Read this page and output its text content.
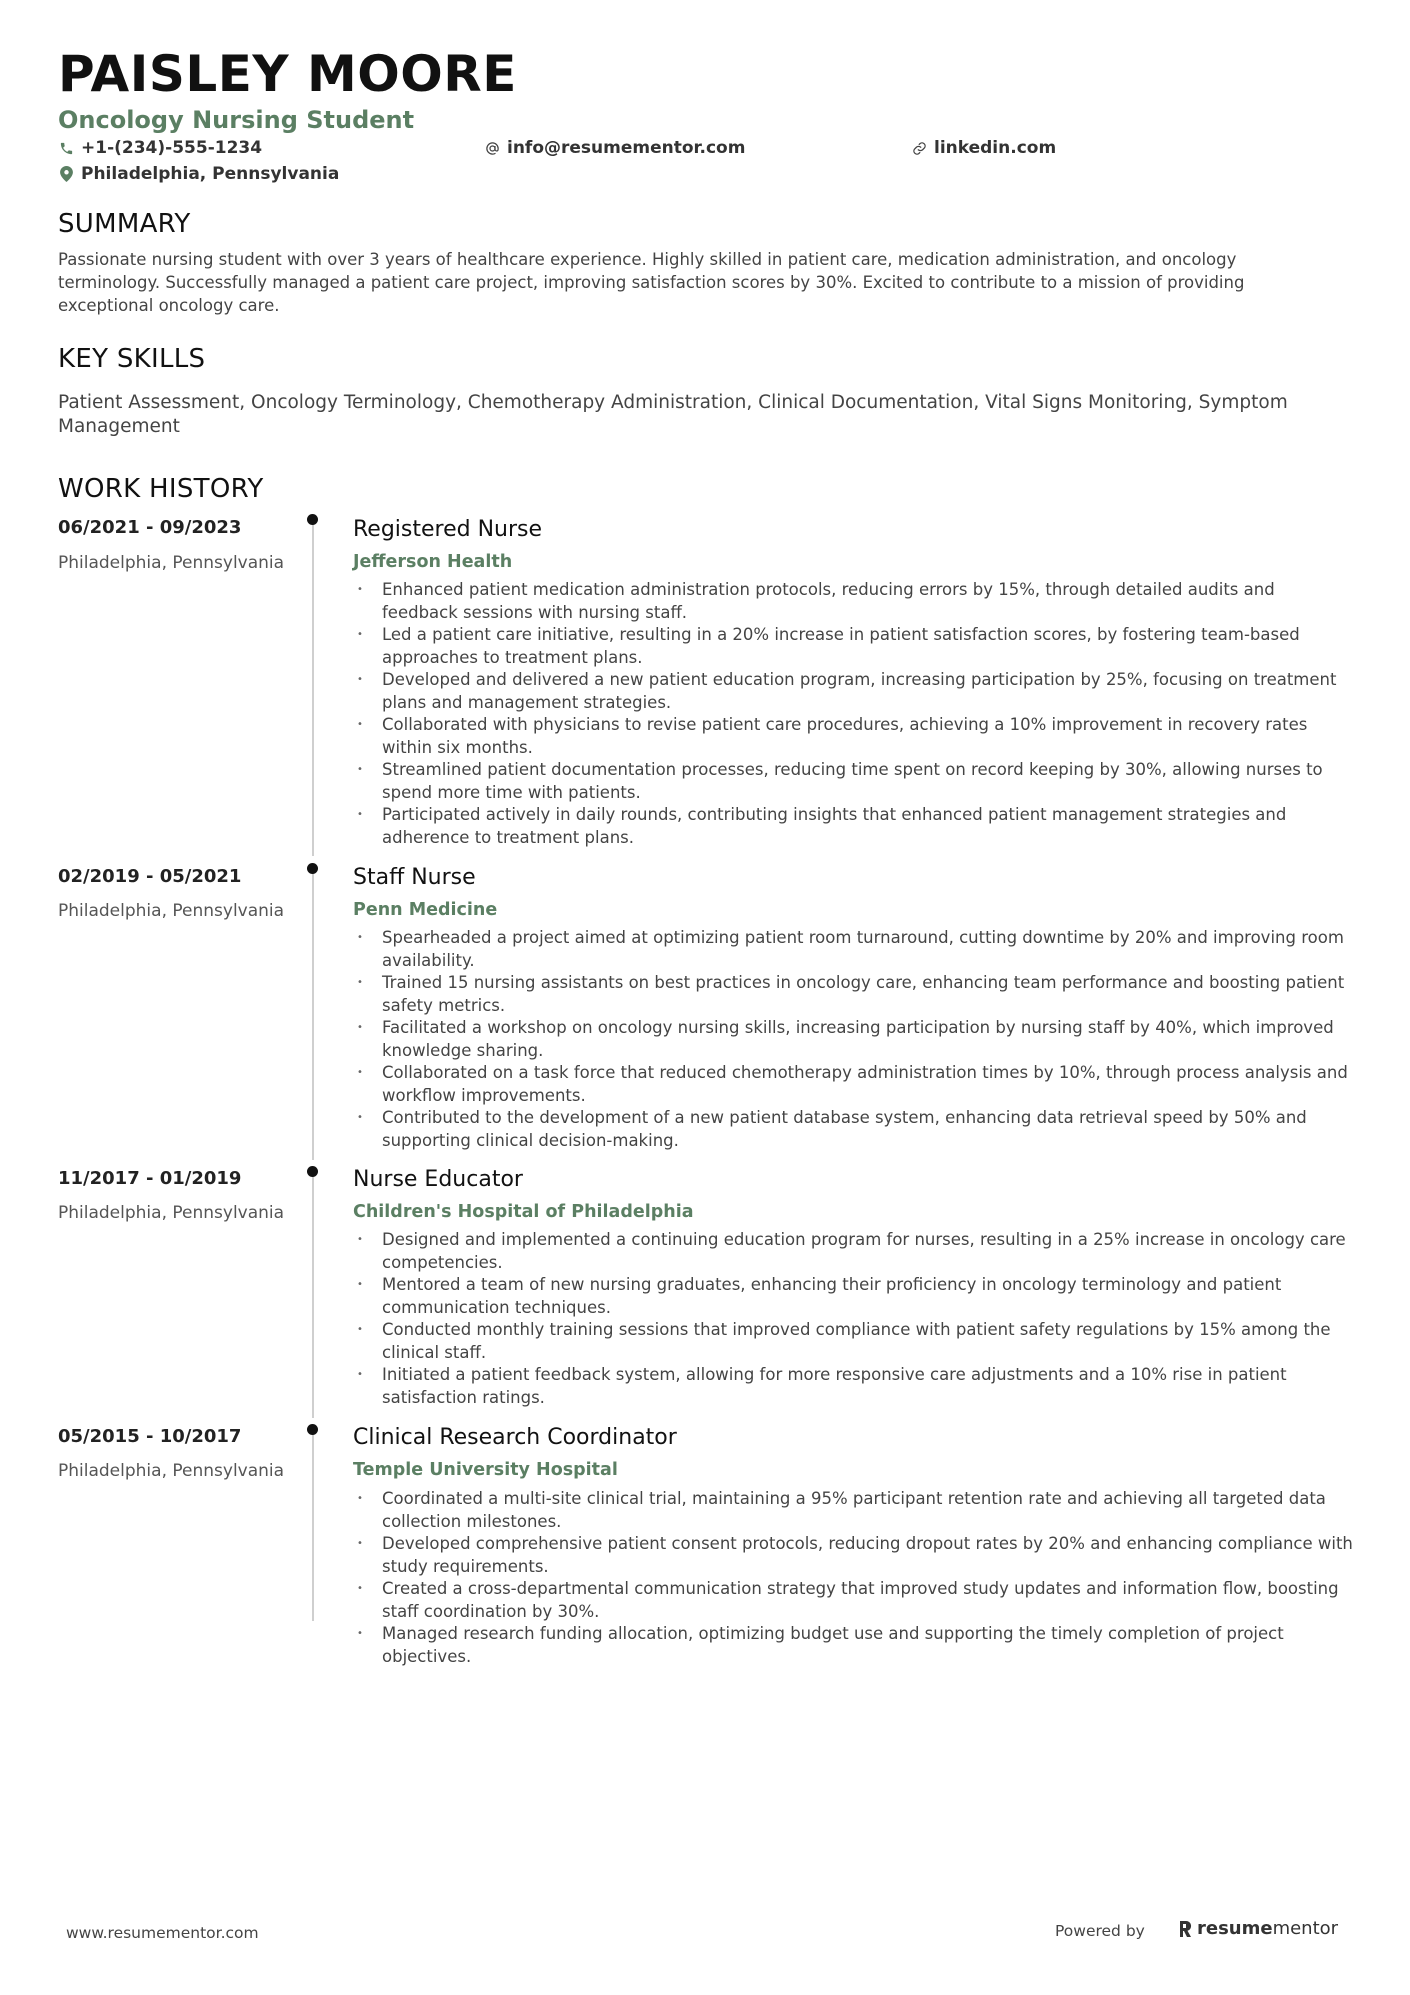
PAISLEY MOORE
Oncology Nursing Student
+1-(234)-555-1234	info@resumementor.com	linkedin.com
Philadelphia, Pennsylvania
SUMMARY
Passionate nursing student with over 3 years of healthcare experience. Highly skilled in patient care, medication administration, and oncology terminology. Successfully managed a patient care project, improving satisfaction scores by 30%. Excited to contribute to a mission of providing exceptional oncology care.
KEY SKILLS
Patient Assessment, Oncology Terminology, Chemotherapy Administration, Clinical Documentation, Vital Signs Monitoring, Symptom Management
WORK HISTORY
06/2021 - 09/2023
Philadelphia, Pennsylvania
Registered Nurse
Jefferson Health
• Enhanced patient medication administration protocols, reducing errors by 15%, through detailed audits and feedback sessions with nursing staff.
• Led a patient care initiative, resulting in a 20% increase in patient satisfaction scores, by fostering team-based approaches to treatment plans.
• Developed and delivered a new patient education program, increasing participation by 25%, focusing on treatment plans and management strategies.
• Collaborated with physicians to revise patient care procedures, achieving a 10% improvement in recovery rates within six months.
• Streamlined patient documentation processes, reducing time spent on record keeping by 30%, allowing nurses to spend more time with patients.
• Participated actively in daily rounds, contributing insights that enhanced patient management strategies and adherence to treatment plans.
02/2019 - 05/2021
Philadelphia, Pennsylvania
Staff Nurse
Penn Medicine
• Spearheaded a project aimed at optimizing patient room turnaround, cutting downtime by 20% and improving room availability.
• Trained 15 nursing assistants on best practices in oncology care, enhancing team performance and boosting patient safety metrics.
• Facilitated a workshop on oncology nursing skills, increasing participation by nursing staff by 40%, which improved knowledge sharing.
• Collaborated on a task force that reduced chemotherapy administration times by 10%, through process analysis and workflow improvements.
• Contributed to the development of a new patient database system, enhancing data retrieval speed by 50% and supporting clinical decision-making.
11/2017 - 01/2019
Philadelphia, Pennsylvania
Nurse Educator
Children's Hospital of Philadelphia
• Designed and implemented a continuing education program for nurses, resulting in a 25% increase in oncology care competencies.
• Mentored a team of new nursing graduates, enhancing their proficiency in oncology terminology and patient communication techniques.
• Conducted monthly training sessions that improved compliance with patient safety regulations by 15% among the clinical staff.
• Initiated a patient feedback system, allowing for more responsive care adjustments and a 10% rise in patient satisfaction ratings.
05/2015 - 10/2017
Philadelphia, Pennsylvania
Clinical Research Coordinator
Temple University Hospital
• Coordinated a multi-site clinical trial, maintaining a 95% participant retention rate and achieving all targeted data collection milestones.
• Developed comprehensive patient consent protocols, reducing dropout rates by 20% and enhancing compliance with study requirements.
• Created a cross-departmental communication strategy that improved study updates and information flow, boosting staff coordination by 30%.
• Managed research funding allocation, optimizing budget use and supporting the timely completion of project objectives.
www.resumementor.com	Powered by	resume mentor
